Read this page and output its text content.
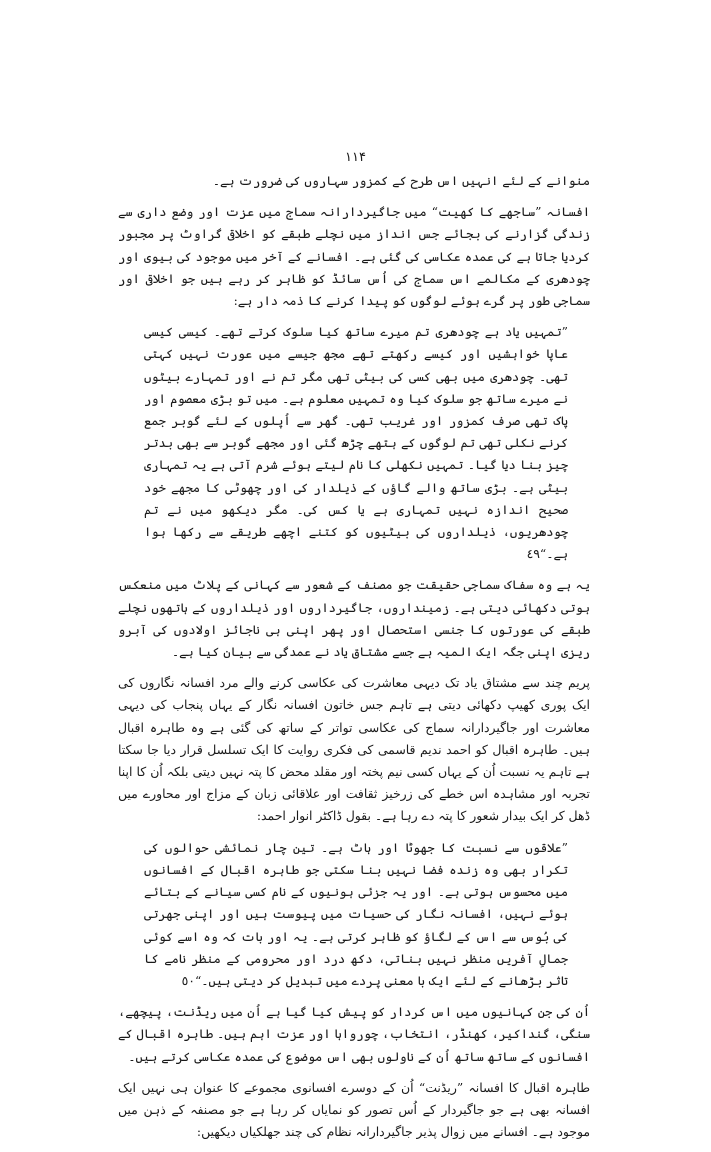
۱۱۴

منوانے کے لئے انہیں اس طرح کے کمزور سہاروں کی ضرورت ہے۔

افسانہ ”ساجھے کا کھیت“ میں جاگیردارانہ سماج میں عزت اور وضع داری سے زندگی گزارنے کی بجائے جس انداز میں نچلے طبقے کو اخلاقی گراوٹ پر مجبور کردیا جاتا ہے کی عمدہ عکاسی کی گئی ہے۔ افسانے کے آخر میں موجود کی بیوی اور چودھری کے مکالمے اس سماج کی اُس سائڈ کو ظاہر کر رہے ہیں جو اخلاقی اور سماجی طور پر گرے ہوئے لوگوں کو پیدا کرنے کا ذمہ دار ہے:

”تمہیں یاد ہے چودھری تم میرے ساتھ کیا سلوک کرتے تھے۔ کیسی کیسی عاپا خواہشیں اور کیسے رکھتے تھے مجھ جیسے میں عورت نہیں کہتی تھی۔ چودھری میں بھی کسی کی بیٹی تھی مگر تم نے اور تمہارے بیٹوں نے میرے ساتھ جو سلوک کیا وہ تمہیں معلوم ہے۔ میں تو بڑی معصوم اور پاک تھی صرف کمزور اور غریب تھی۔ گھر سے اُپلوں کے لئے گوبر جمع کرنے نکلی تھی تم لوگوں کے ہتھے چڑھ گئی اور مجھے گوبر سے بھی بدتر چیز بنا دیا گیا۔ تمہیں نکھلی کا نام لیتے ہوئے شرم آتی ہے یہ تمہاری بیٹی ہے۔ بڑی ساتھ والے گاؤں کے ذیلدار کی اور چھوٹی کا مجھے خود صحیح اندازہ نہیں تمہاری ہے یا کس کی۔ مگر دیکھو میں نے تم چودھریوں، ذیلداروں کی بیٹیوں کو کتنے اچھے طریقے سے رکھا ہوا ہے۔“٤٩

یہ ہے وہ سفاک سماجی حقیقت جو مصنف کے شعور سے کہانی کے پلاٹ میں منعکس ہوتی دکھائی دیتی ہے۔ زمینداروں، جاگیرداروں اور ذیلداروں کے ہاتھوں نچلے طبقے کی عورتوں کا جنسی استحصال اور پھر اپنی ہی ناجائز اولادوں کی آبرو ریزی اپنی جگہ ایک المیہ ہے جسے مشتاق یاد نے عمدگی سے بیان کیا ہے۔

پریم چند سے مشتاق یاد تک دیہی معاشرت کی عکاسی کرنے والے مرد افسانہ نگاروں کی ایک پوری کھیپ دکھائی دیتی ہے تاہم جس خاتون افسانہ نگار کے یہاں پنجاب کی دیہی معاشرت اور جاگیردارانہ سماج کی عکاسی تواتر کے ساتھ کی گئی ہے وہ طاہرہ اقبال ہیں۔ طاہرہ اقبال کو احمد ندیم قاسمی کی فکری روایت کا ایک تسلسل قرار دیا جا سکتا ہے تاہم یہ نسبت اُن کے یہاں کسی نیم پختہ اور مقلد محض کا پتہ نہیں دیتی بلکہ اُن کا اپنا تجربہ اور مشاہدہ اس خطے کی زرخیز ثقافت اور علاقائی زبان کے مزاج اور محاورے میں ڈھل کر ایک بیدار شعور کا پتہ دے رہا ہے۔ بقول ڈاکٹر انوار احمد:

”علاقوں سے نسبت کا جھوٹا اور ہاٹ ہے۔ تین چار نمائشی حوالوں کی تکرار بھی وہ زندہ فضا نہیں بنا سکتی جو طاہرہ اقبال کے افسانوں میں محسوس ہوتی ہے۔ اور یہ جزئی ہونیوں کے نام کسی سیانے کے بتائے ہوئے نہیں، افسانہ نگار کی حسیات میں پیوست ہیں اور اپنی جھرتی کی بُوس سے اس کے لگاؤ کو ظاہر کرتی ہے۔ یہ اور بات کہ وہ اسے کوئی جمالِ آفریں منظر نہیں بناتی، دکھ درد اور محرومی کے منظر نامے کا تاثر بڑھانے کے لئے ایک با معنی پردے میں تبدیل کر دیتی ہیں۔“٥٠

اُن کی جن کہانیوں میں اس کردار کو پیش کیا گیا ہے اُن میں ریڈنت، پیچھے، سنگی، گنداکیر، کھنڈر، انتخاب، چورواہا اور عزت اہم ہیں۔ طاہرہ اقبال کے افسانوں کے ساتھ ساتھ اُن کے ناولوں بھی اس موضوع کی عمدہ عکاسی کرتے ہیں۔

طاہرہ اقبال کا افسانہ ”ریڈنت“ اُن کے دوسرے افسانوی مجموعے کا عنوان ہی نہیں ایک افسانہ بھی ہے جو جاگیردار کے اُس تصور کو نمایاں کر رہا ہے جو مصنفہ کے ذہن میں موجود ہے۔ افسانے میں زوال پذیر جاگیردارانہ نظام کی چند جھلکیاں دیکھیں:
